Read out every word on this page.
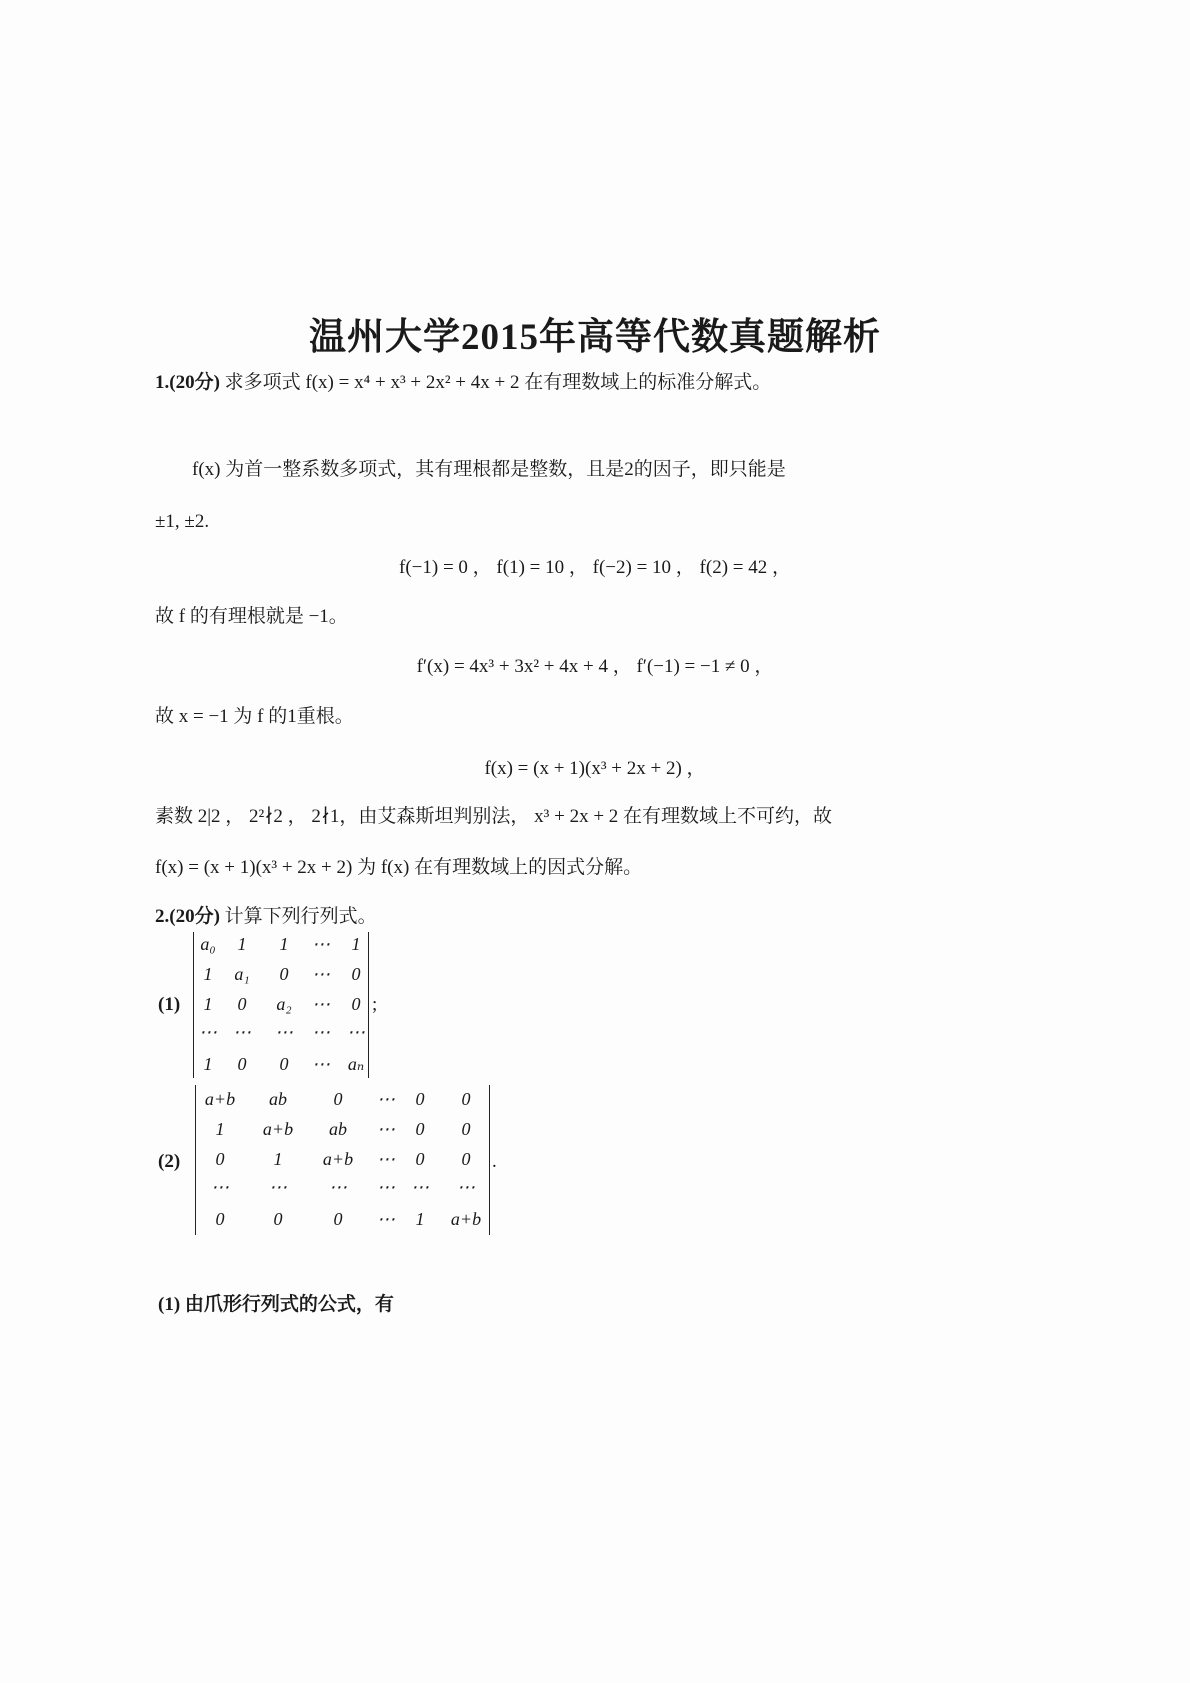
温州大学2015年高等代数真题解析
1.(20分) 求多项式 f(x) = x⁴ + x³ + 2x² + 4x + 2 在有理数域上的标准分解式。
f(x) 为首一整系数多项式，其有理根都是整数，且是2的因子，即只能是
±1, ±2.
f(−1) = 0 ， f(1) = 10 ， f(−2) = 10 ， f(2) = 42 ，
故 f 的有理根就是 −1。
f′(x) = 4x³ + 3x² + 4x + 4 ， f′(−1) = −1 ≠ 0 ，
故 x = −1 为 f 的1重根。
f(x) = (x + 1)(x³ + 2x + 2) ，
素数 2|2 ， 2²∤2 ， 2∤1，由艾森斯坦判别法， x³ + 2x + 2 在有理数域上不可约，故
f(x) = (x + 1)(x³ + 2x + 2) 为 f(x) 在有理数域上的因式分解。
2.(20分) 计算下列行列式。
(1)
a₀ 1 1 ⋯ 1
1 a₁ 0 ⋯ 0
1 0 a₂ ⋯ 0
⋯ ⋯ ⋯ ⋯ ⋯
1 0 0 ⋯ aₙ
;
(2)
a+b ab	0 ⋯ 0 0
1 a+b ab ⋯ 0 0
0	1 a+b ⋯ 0 0
⋯ ⋯ ⋯ ⋯ ⋯ ⋯
0	0	0 ⋯ 1 a+b
.
(1) 由爪形行列式的公式，有
